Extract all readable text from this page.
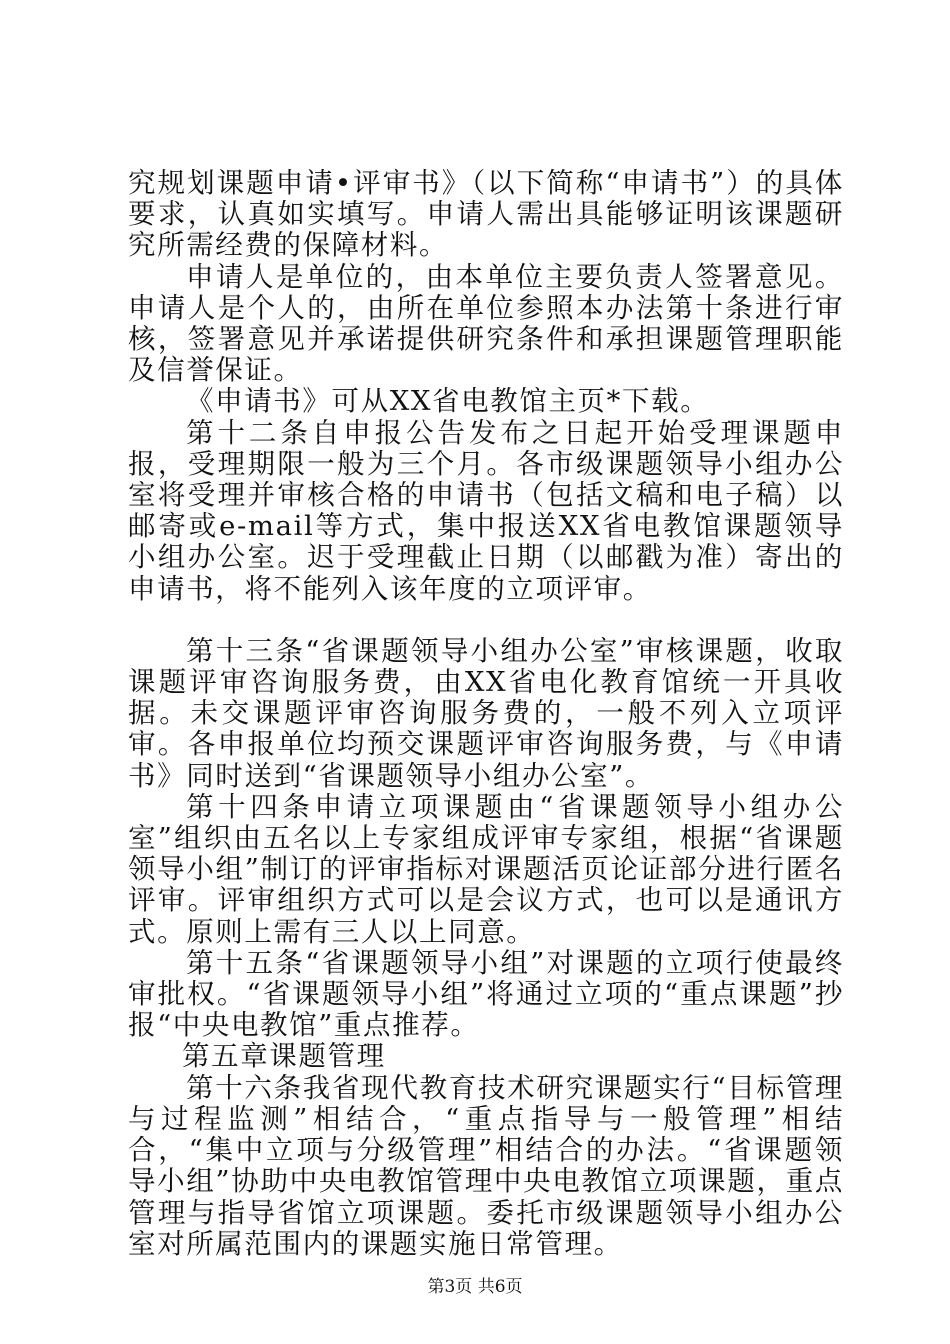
究规划课题申请•评审书》（以下简称“申请书”）的具体要求，认真如实填写。申请人需出具能够证明该课题研究所需经费的保障材料。

申请人是单位的，由本单位主要负责人签署意见。申请人是个人的，由所在单位参照本办法第十条进行审核，签署意见并承诺提供研究条件和承担课题管理职能及信誉保证。

《申请书》可从XX省电教馆主页*下载。

第十二条自申报公告发布之日起开始受理课题申报，受理期限一般为三个月。各市级课题领导小组办公室将受理并审核合格的申请书（包括文稿和电子稿）以邮寄或e-mail等方式，集中报送XX省电教馆课题领导小组办公室。迟于受理截止日期（以邮戳为准）寄出的申请书，将不能列入该年度的立项评审。

第十三条“省课题领导小组办公室”审核课题，收取课题评审咨询服务费，由XX省电化教育馆统一开具收据。未交课题评审咨询服务费的，一般不列入立项评审。各申报单位均预交课题评审咨询服务费，与《申请书》同时送到“省课题领导小组办公室”。

第十四条申请立项课题由“省课题领导小组办公室”组织由五名以上专家组成评审专家组，根据“省课题领导小组”制订的评审指标对课题活页论证部分进行匿名评审。评审组织方式可以是会议方式，也可以是通讯方式。原则上需有三人以上同意。

第十五条“省课题领导小组”对课题的立项行使最终审批权。“省课题领导小组”将通过立项的“重点课题”抄报“中央电教馆”重点推荐。

第五章课题管理

第十六条我省现代教育技术研究课题实行“目标管理与过程监测”相结合，“重点指导与一般管理”相结合，“集中立项与分级管理”相结合的办法。“省课题领导小组”协助中央电教馆管理中央电教馆立项课题，重点管理与指导省馆立项课题。委托市级课题领导小组办公室对所属范围内的课题实施日常管理。

第3页 共6页
